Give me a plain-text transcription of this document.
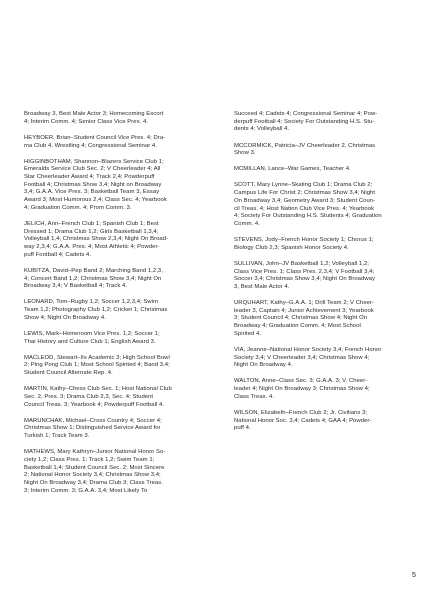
Broadway 3, Best Male Actor 3; Homecoming Escort
4; Interim Comm. 4; Senior Class Vice Pres. 4.

HEYBOER, Brian–Student Council Vice Pres. 4; Dra-
ma Club 4, Wrestling 4; Congressional Seminar 4.

HIGGINBOTHAM, Shannon–Blazers Service Club 1;
Emeralds Service Club Sec. 2; V Cheerleader 4; All
Star Cheerleader Award 4; Track 2,4; Powderpuff
Football 4; Christmas Show 3,4; Night on Broadway
3,4; G.A.A. Vice Pres. 3; Basketball Team 3, Essay
Award 3; Most Humorous 2,4; Class Sec. 4; Yearbook
4; Graduation Comm. 4; Prom Comm. 3.

JELICH, Ann–French Club 1; Spanish Club 1; Best
Dressed 1; Drama Club 1,2; Girls Basketball 1,3,4;
Volleyball 1,4; Christmas Show 2,3,4; Night On Broad-
way 2,3,4; G.A.A. Pres. 4; Most Athletic 4; Powder-
puff Football 4; Cadets 4.

KUBITZA, David–Pep Band 2; Marching Band 1,2,3,
4; Concert Band 1,2; Christmas Show 3,4; Night On
Broadway 3,4; V Basketball 4; Track 4.

LEONARD, Tom–Rugby 1,2; Soccer 1,2,3,4; Swim
Team 1,2; Photography Club 1,2; Cricket 1; Christmas
Show 4; Night On Broadway 4.

LEWIS, Mark–Homeroom Vice Pres. 1,2; Soccer 1;
Thai History and Culture Club 1; English Award 3.

MACLEOD, Stewart–IIs Academic 3; High School Bowl
2; Ping Pong Club 1; Most School Spirited 4; Band 3,4;
Student Council Alternate Rep. 4.

MARTIN, Kathy–Chess Club Sec. 1; Host National Club
Sec. 2, Pres. 3; Drama Club 2,3, Sec. 4; Student
Council Treas. 3; Yearbook 4; Powderpuff Football 4.

MARUNCHAK, Michael–Cross Country 4; Soccer 4;
Christmas Show 1; Distinguished Service Award for
Turkish 1; Track Team 3.

MATHEWS, Mary Kathryn–Junior National Honor So-
ciety 1,2; Class Pres. 1; Track 1,2; Swim Team 1;
Basketball 1,4; Student Council Sec. 2; Most Sincere
2; National Honor Society 3,4; Christmas Show 3,4;
Night On Broadway 3,4; Drama Club 3; Class Treas.
3; Interim Comm. 3; G.A.A. 3,4; Most Likely To

Succeed 4; Cadets 4; Congressional Seminar 4; Pow-
derpuff Football 4; Society For Outstanding H.S. Stu-
dents 4; Volleyball 4.

MCCORMICK, Patricia–JV Cheerleader 2, Christmas
Show 3.

MCMILLAN, Lance–War Games, Teacher 4.

SCOTT, Mary Lynne–Skating Club 1; Drama Club 2;
Campus Life For Christ 2; Christmas Show 3,4; Night
On Broadway 3,4; Geometry Award 3; Student Coun-
cil Treas. 4; Host Nation Club Vice Pres. 4; Yearbook
4; Society For Outstanding H.S. Students 4; Graduation
Comm. 4.

STEVENS, Jody–French Honor Society 1; Chorus 1;
Biology Club 2,3; Spanish Honor Society 4.

SULLIVAN, John–JV Basketball 1,2; Volleyball 1,2;
Class Vice Pres. 1; Class Pres. 2,3,4; V Football 3,4;
Soccer 3,4; Christmas Show 3,4; Night On Broadway
3, Best Male Actor 4.

URQUHART, Kathy–G.A.A. 1; Drill Team 2; V Cheer-
leader 3, Captain 4; Junior Achievement 3; Yearbook
3; Student Council 4; Christmas Show 4; Night On
Broadway 4; Graduation Comm. 4; Most School
Spirited 4.

VIA, Jeanne–National Honor Society 3,4; French Honor
Society 3,4; V Cheerleader 3,4; Christmas Show 4;
Night On Broadway 4.

WALTON, Anne–Class Sec. 3; G.A.A. 3; V. Cheer-
leader 4; Night On Broadway 3; Christmas Show 4;
Class Treas. 4.

WILSON, Elizabeth–French Club 2; Jr. Civilians 3;
National Honor Soc. 3,4; Cadets 4; GAA 4; Powder-
puff 4.

5
